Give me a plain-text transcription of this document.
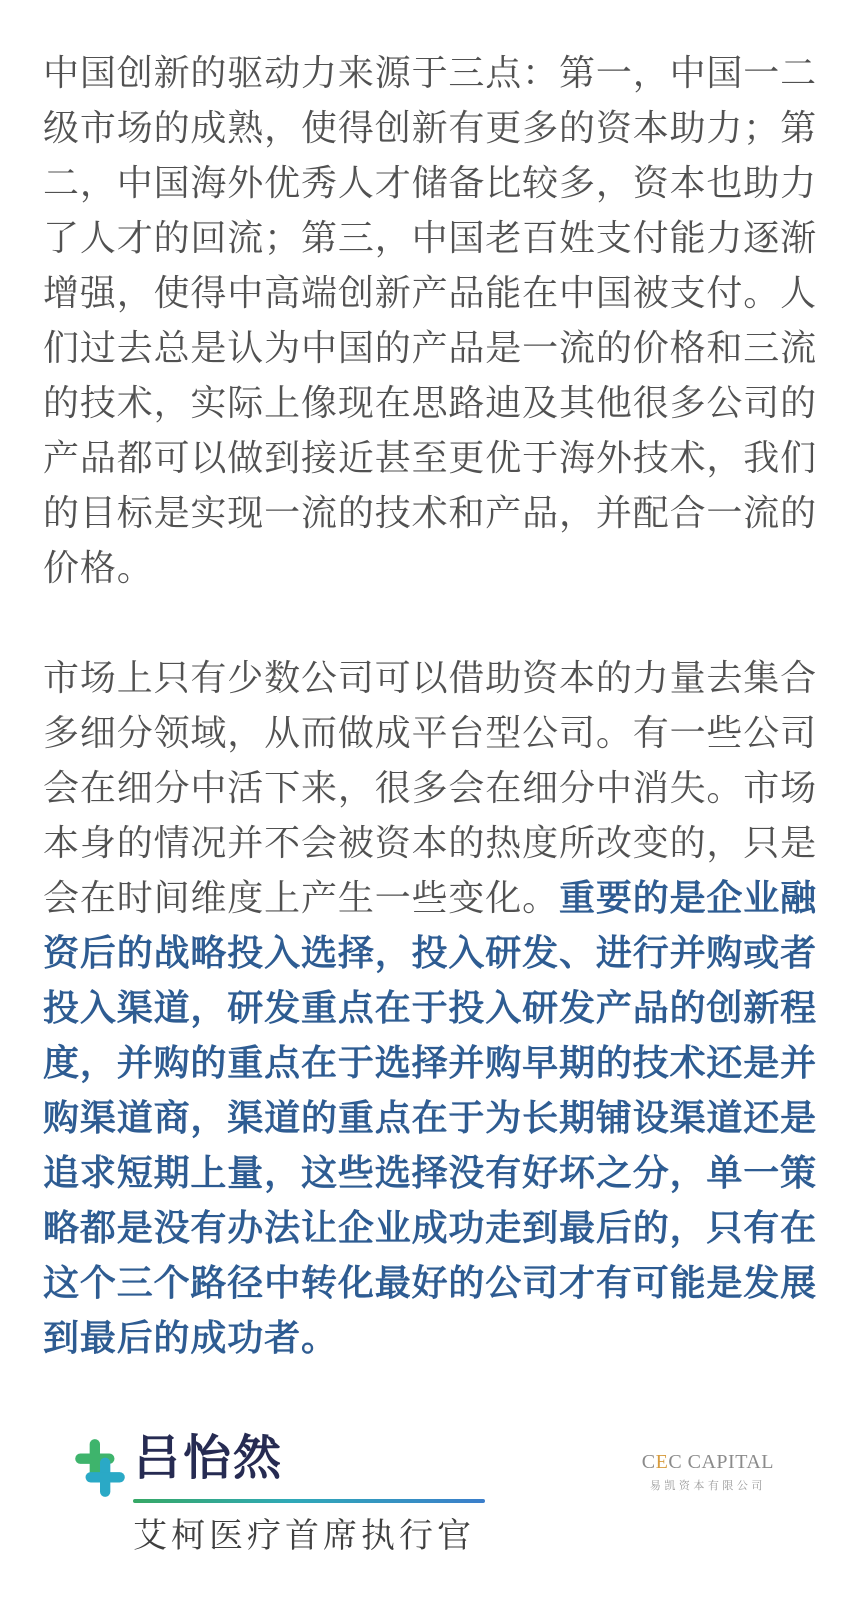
中国创新的驱动力来源于三点：第一，中国一二级市场的成熟，使得创新有更多的资本助力；第二，中国海外优秀人才储备比较多，资本也助力了人才的回流；第三，中国老百姓支付能力逐渐增强，使得中高端创新产品能在中国被支付。人们过去总是认为中国的产品是一流的价格和三流的技术，实际上像现在思路迪及其他很多公司的产品都可以做到接近甚至更优于海外技术，我们的目标是实现一流的技术和产品，并配合一流的价格。

市场上只有少数公司可以借助资本的力量去集合多细分领域，从而做成平台型公司。有一些公司会在细分中活下来，很多会在细分中消失。市场本身的情况并不会被资本的热度所改变的，只是会在时间维度上产生一些变化。重要的是企业融资后的战略投入选择，投入研发、进行并购或者投入渠道，研发重点在于投入研发产品的创新程度，并购的重点在于选择并购早期的技术还是并购渠道商，渠道的重点在于为长期铺设渠道还是追求短期上量，这些选择没有好坏之分，单一策略都是没有办法让企业成功走到最后的，只有在这个三个路径中转化最好的公司才有可能是发展到最后的成功者。

吕怡然
艾柯医疗首席执行官
CEC CAPITAL
易凯资本有限公司
